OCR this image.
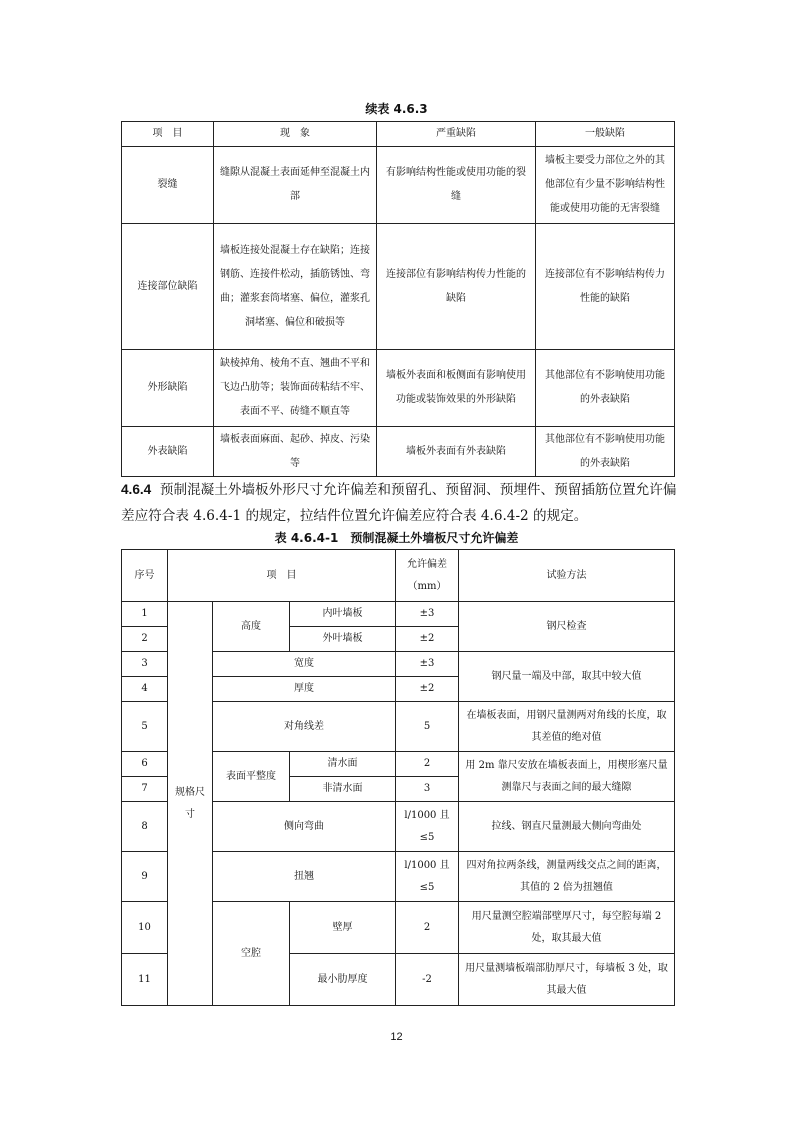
续表 4.6.3
项　目	现　象	严重缺陷	一般缺陷
裂缝	缝隙从混凝土表面延伸至混凝土内部	有影响结构性能或使用功能的裂缝	墙板主要受力部位之外的其他部位有少量不影响结构性能或使用功能的无害裂缝
连接部位缺陷	墙板连接处混凝土存在缺陷；连接钢筋、连接件松动，插筋锈蚀、弯曲；灌浆套筒堵塞、偏位，灌浆孔洞堵塞、偏位和破损等	连接部位有影响结构传力性能的缺陷	连接部位有不影响结构传力性能的缺陷
外形缺陷	缺棱掉角、棱角不直、翘曲不平和飞边凸肋等；装饰面砖粘结不牢、表面不平、砖缝不顺直等	墙板外表面和板侧面有影响使用功能或装饰效果的外形缺陷	其他部位有不影响使用功能的外表缺陷
外表缺陷	墙板表面麻面、起砂、掉皮、污染等	墙板外表面有外表缺陷	其他部位有不影响使用功能的外表缺陷
4.6.4 预制混凝土外墙板外形尺寸允许偏差和预留孔、预留洞、预埋件、预留插筋位置允许偏差应符合表 4.6.4-1 的规定，拉结件位置允许偏差应符合表 4.6.4-2 的规定。
表 4.6.4-1　预制混凝土外墙板尺寸允许偏差
序号	项　目			允许偏差（mm）	试验方法
1	规格尺寸	高度	内叶墙板	±3	钢尺检查
2			外叶墙板	±2	
3		宽度		±3	钢尺量一端及中部，取其中较大值
4		厚度		±2	
5		对角线差		5	在墙板表面，用钢尺量测两对角线的长度，取其差值的绝对值
6		表面平整度	清水面	2	用 2m 靠尺安放在墙板表面上，用楔形塞尺量测靠尺与表面之间的最大缝隙
7			非清水面	3	
8		侧向弯曲		l/1000 且≤5	拉线、钢直尺量测最大侧向弯曲处
9		扭翘		l/1000 且≤5	四对角拉两条线，测量两线交点之间的距离，其值的 2 倍为扭翘值
10		空腔	壁厚	2	用尺量测空腔端部壁厚尺寸，每空腔每端 2 处，取其最大值
11			最小肋厚度	-2	用尺量测墙板端部肋厚尺寸，每墙板 3 处，取其最大值
12
